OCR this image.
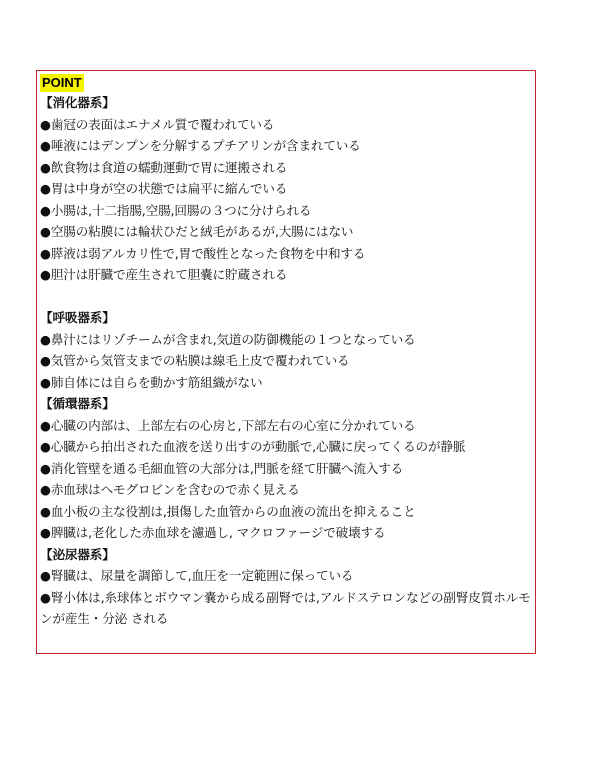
POINT
【消化器系】
●歯冠の表面はエナメル質で覆われている
●唾液にはデンプンを分解するプチアリンが含まれている
●飲食物は食道の蠕動運動で胃に運搬される
●胃は中身が空の状態では扁平に縮んでいる
●小腸は,十二指腸,空腸,回腸の３つに分けられる
●空腸の粘膜には輪状ひだと絨毛があるが,大腸にはない
●膵液は弱アルカリ性で,胃で酸性となった食物を中和する
●胆汁は肝臓で産生されて胆嚢に貯蔵される
【呼吸器系】
●鼻汁にはリゾチームが含まれ,気道の防御機能の１つとなっている
●気管から気管支までの粘膜は線毛上皮で覆われている
●肺自体には自らを動かす筋組織がない
【循環器系】
●心臓の内部は、上部左右の心房と,下部左右の心室に分かれている
●心臓から拍出された血液を送り出すのが動脈で,心臓に戻ってくるのが静脈
●消化管壁を通る毛細血管の大部分は,門脈を経て肝臓へ流入する
●赤血球はヘモグロビンを含むので赤く見える
●血小板の主な役割は,損傷した血管からの血液の流出を抑えること
●脾臓は,老化した赤血球を濾過し, マクロファージで破壊する
【泌尿器系】
●腎臓は、尿量を調節して,血圧を一定範囲に保っている
●腎小体は,糸球体とボウマン嚢から成る副腎では,アルドステロンなどの副腎皮質ホルモンが産生・分泌 される
